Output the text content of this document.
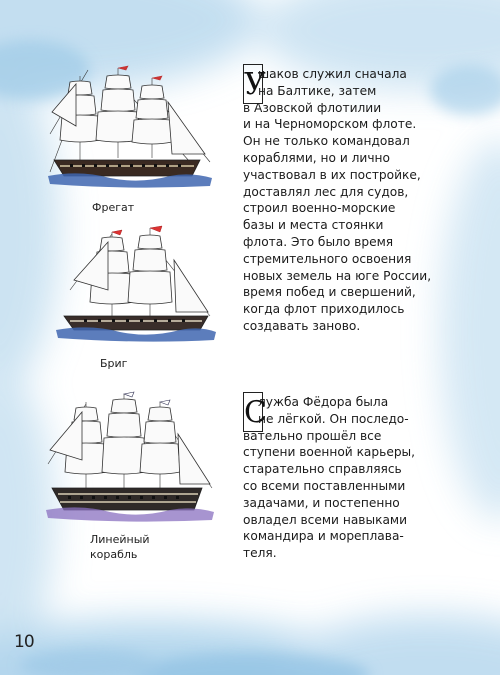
Фрегат
Бриг
Линейный
корабль
У
шаков служил сначала
на Балтике, затем
в Азовской флотилии
и на Черноморском флоте.
Он не только командовал
кораблями, но и лично
участвовал в их постройке,
доставлял лес для судов,
строил военно-морские
базы и места стоянки
флота. Это было время
стремительного освоения
новых земель на юге России,
время побед и свершений,
когда флот приходилось
создавать заново.
С
лужба Фёдора была
не лёгкой. Он последо-
вательно прошёл все
ступени военной карьеры,
старательно справляясь
со всеми поставленными
задачами, и постепенно
овладел всеми навыками
командира и мореплава-
теля.
10
